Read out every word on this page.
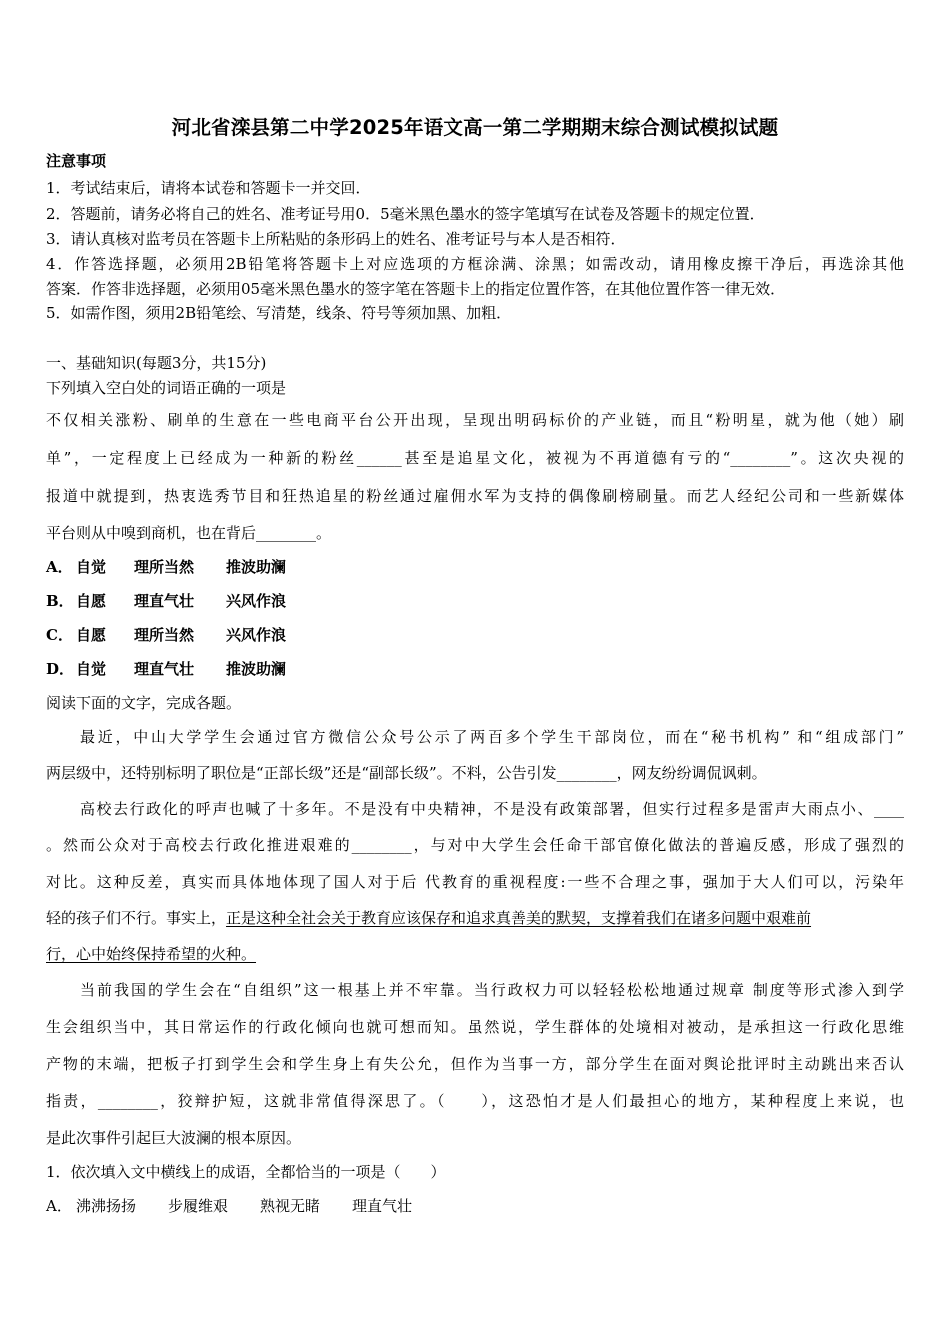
河北省滦县第二中学2025年语文高一第二学期期末综合测试模拟试题

注意事项

1．考试结束后，请将本试卷和答题卡一并交回．

2．答题前，请务必将自己的姓名、准考证号用0．5毫米黑色墨水的签字笔填写在试卷及答题卡的规定位置．

3．请认真核对监考员在答题卡上所粘贴的条形码上的姓名、准考证号与本人是否相符．

4．作答选择题，必须用2B铅笔将答题卡上对应选项的方框涂满、涂黑；如需改动，请用橡皮擦干净后，再选涂其他

答案．作答非选择题，必须用05毫米黑色墨水的签字笔在答题卡上的指定位置作答，在其他位置作答一律无效．

5．如需作图，须用2B铅笔绘、写清楚，线条、符号等须加黑、加粗．

一、基础知识(每题3分，共15分)

下列填入空白处的词语正确的一项是

不仅相关涨粉、刷单的生意在一些电商平台公开出现，呈现出明码标价的产业链，而且“粉明星，就为他（她）刷

单”，一定程度上已经成为一种新的粉丝______甚至是追星文化，被视为不再道德有亏的“________”。这次央视的

报道中就提到，热衷选秀节目和狂热追星的粉丝通过雇佣水军为支持的偶像刷榜刷量。而艺人经纪公司和一些新媒体

平台则从中嗅到商机，也在背后________。

A． 自觉 理所当然 推波助澜

B． 自愿 理直气壮 兴风作浪

C． 自愿 理所当然 兴风作浪

D． 自觉 理直气壮 推波助澜

阅读下面的文字，完成各题。

最近，中山大学学生会通过官方微信公众号公示了两百多个学生干部岗位，而在“秘书机构” 和“组成部门”

两层级中，还特别标明了职位是“正部长级”还是“副部长级”。不料，公告引发________，网友纷纷调侃讽刺。

高校去行政化的呼声也喊了十多年。不是没有中央精神，不是没有政策部署，但实行过程多是雷声大雨点小、____

。然而公众对于高校去行政化推进艰难的________，与对中大学生会任命干部官僚化做法的普遍反感，形成了强烈的

对比。这种反差，真实而具体地体现了国人对于后 代教育的重视程度:一些不合理之事，强加于大人们可以，污染年

轻的孩子们不行。事实上，正是这种全社会关于教育应该保存和追求真善美的默契，支撑着我们在诸多问题中艰难前

行，心中始终保持希望的火种。

当前我国的学生会在“自组织”这一根基上并不牢靠。当行政权力可以轻轻松松地通过规章 制度等形式渗入到学

生会组织当中，其日常运作的行政化倾向也就可想而知。虽然说，学生群体的处境相对被动，是承担这一行政化思维

产物的末端，把板子打到学生会和学生身上有失公允，但作为当事一方，部分学生在面对舆论批评时主动跳出来否认

指责，________，狡辩护短，这就非常值得深思了。（　　），这恐怕才是人们最担心的地方，某种程度上来说，也

是此次事件引起巨大波澜的根本原因。

1．依次填入文中横线上的成语，全都恰当的一项是（　　）

A． 沸沸扬扬 步履维艰 熟视无睹 理直气壮
